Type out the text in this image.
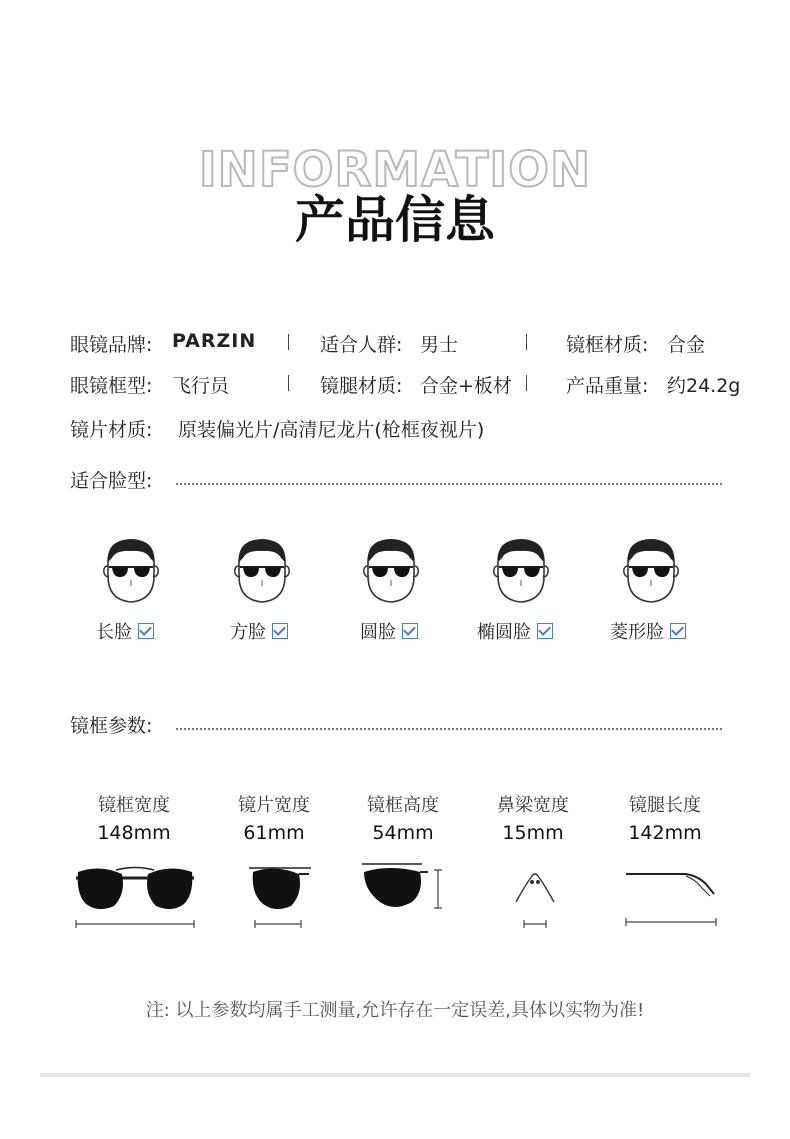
INFORMATION
产品信息
眼镜品牌: PARZIN	适合人群: 男士	镜框材质: 合金
眼镜框型: 飞行员	镜腿材质: 合金+板材	产品重量: 约24.2g
镜片材质: 原装偏光片/高清尼龙片(枪框夜视片)
适合脸型:
长脸	方脸	圆脸	椭圆脸	菱形脸
镜框参数:
镜框宽度
148mm
镜片宽度
61mm
镜框高度
54mm
鼻梁宽度
15mm
镜腿长度
142mm
注: 以上参数均属手工测量,允许存在一定误差,具体以实物为准!
